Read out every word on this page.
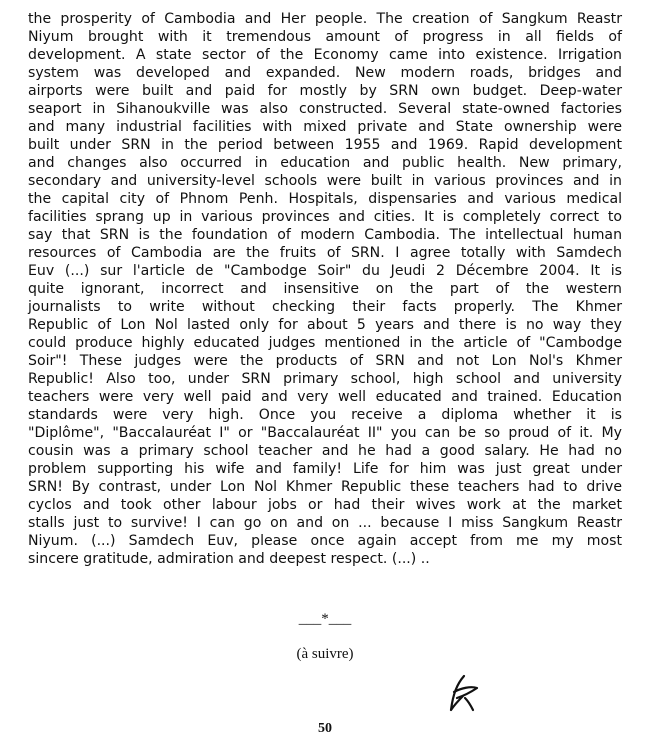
the prosperity of Cambodia and Her people. The creation of Sangkum Reastr
Niyum brought with it tremendous amount of progress in all fields of
development. A state sector of the Economy came into existence. Irrigation
system was developed and expanded. New modern roads, bridges and
airports were built and paid for mostly by SRN own budget. Deep-water
seaport in Sihanoukville was also constructed. Several state-owned factories
and many industrial facilities with mixed private and State ownership were
built under SRN in the period between 1955 and 1969. Rapid development
and changes also occurred in education and public health. New primary,
secondary and university-level schools were built in various provinces and in
the capital city of Phnom Penh. Hospitals, dispensaries and various medical
facilities sprang up in various provinces and cities. It is completely correct to
say that SRN is the foundation of modern Cambodia. The intellectual human
resources of Cambodia are the fruits of SRN. I agree totally with Samdech
Euv (...) sur l'article de "Cambodge Soir" du Jeudi 2 Décembre 2004. It is
quite ignorant, incorrect and insensitive on the part of the western
journalists to write without checking their facts properly. The Khmer
Republic of Lon Nol lasted only for about 5 years and there is no way they
could produce highly educated judges mentioned in the article of "Cambodge
Soir"! These judges were the products of SRN and not Lon Nol's Khmer
Republic! Also too, under SRN primary school, high school and university
teachers were very well paid and very well educated and trained. Education
standards were very high. Once you receive a diploma whether it is
"Diplôme", "Baccalauréat I" or "Baccalauréat II" you can be so proud of it. My
cousin was a primary school teacher and he had a good salary. He had no
problem supporting his wife and family! Life for him was just great under
SRN! By contrast, under Lon Nol Khmer Republic these teachers had to drive
cyclos and took other labour jobs or had their wives work at the market
stalls just to survive! I can go on and on ... because I miss Sangkum Reastr
Niyum. (...) Samdech Euv, please once again accept from me my most
sincere gratitude, admiration and deepest respect. (...) ..
___*___
(à suivre)
50
